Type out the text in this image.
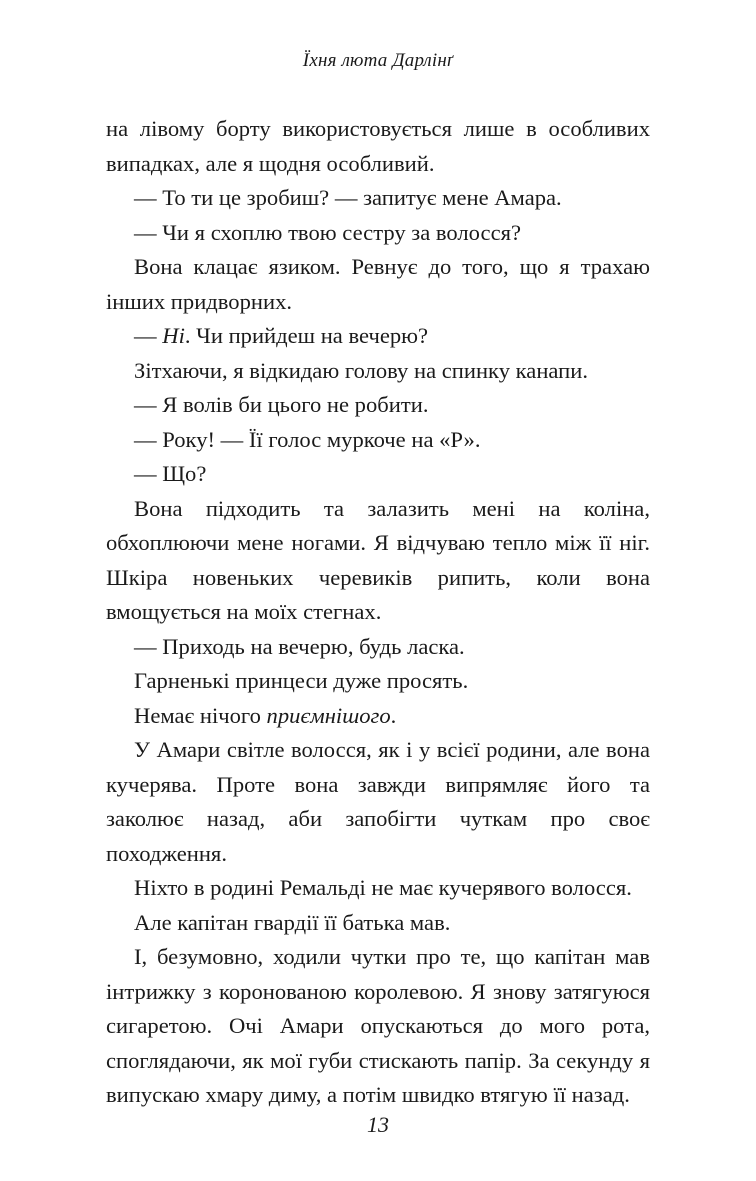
Їхня люта Дарлінґ

на лівому борту використовується лише в особливих випадках, але я щодня особливий.

— То ти це зробиш? — запитує мене Амара.

— Чи я схоплю твою сестру за волосся?

Вона клацає язиком. Ревнує до того, що я трахаю інших придворних.

— Ні. Чи прийдеш на вечерю?

Зітхаючи, я відкидаю голову на спинку канапи.

— Я волів би цього не робити.

— Року! — Її голос муркоче на «Р».

— Що?

Вона підходить та залазить мені на коліна, обхоплюючи мене ногами. Я відчуваю тепло між її ніг. Шкіра новеньких черевиків рипить, коли вона вмощується на моїх стегнах.

— Приходь на вечерю, будь ласка.

Гарненькі принцеси дуже просять.

Немає нічого приємнішого.

У Амари світле волосся, як і у всієї родини, але вона кучерява. Проте вона завжди випрямляє його та заколює назад, аби запобігти чуткам про своє походження.

Ніхто в родині Ремальді не має кучерявого волосся.

Але капітан гвардії її батька мав.

І, безумовно, ходили чутки про те, що капітан мав інтрижку з коронованою королевою. Я знову затягуюся сигаретою. Очі Амари опускаються до мого рота, споглядаючи, як мої губи стискають папір. За секунду я випускаю хмару диму, а потім швидко втягую її назад.

13
